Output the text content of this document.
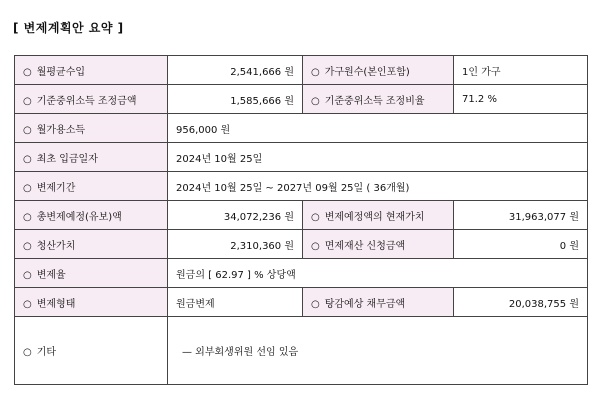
[ 변제계획안 요약 ]
○ 월평균수입	2,541,666 원	○ 가구원수(본인포함)	1인 가구
○ 기준중위소득 조정금액	1,585,666 원	○ 기준중위소득 조정비율	71.2 %
○ 월가용소득	956,000 원		
○ 최초 입금일자	2024년 10월 25일		
○ 변제기간	2024년 10월 25일 ~ 2027년 09월 25일 ( 36개월)		
○ 총변제예정(유보)액	34,072,236 원	○ 변제예정액의 현재가치	31,963,077 원
○ 청산가치	2,310,360 원	○ 면제재산 신청금액	0 원
○ 변제율	원금의 [ 62.97 ] % 상당액		
○ 변제형태	원금변제	○ 탕감예상 채무금액	20,038,755 원
○ 기타	— 외부회생위원 선임 있음		
